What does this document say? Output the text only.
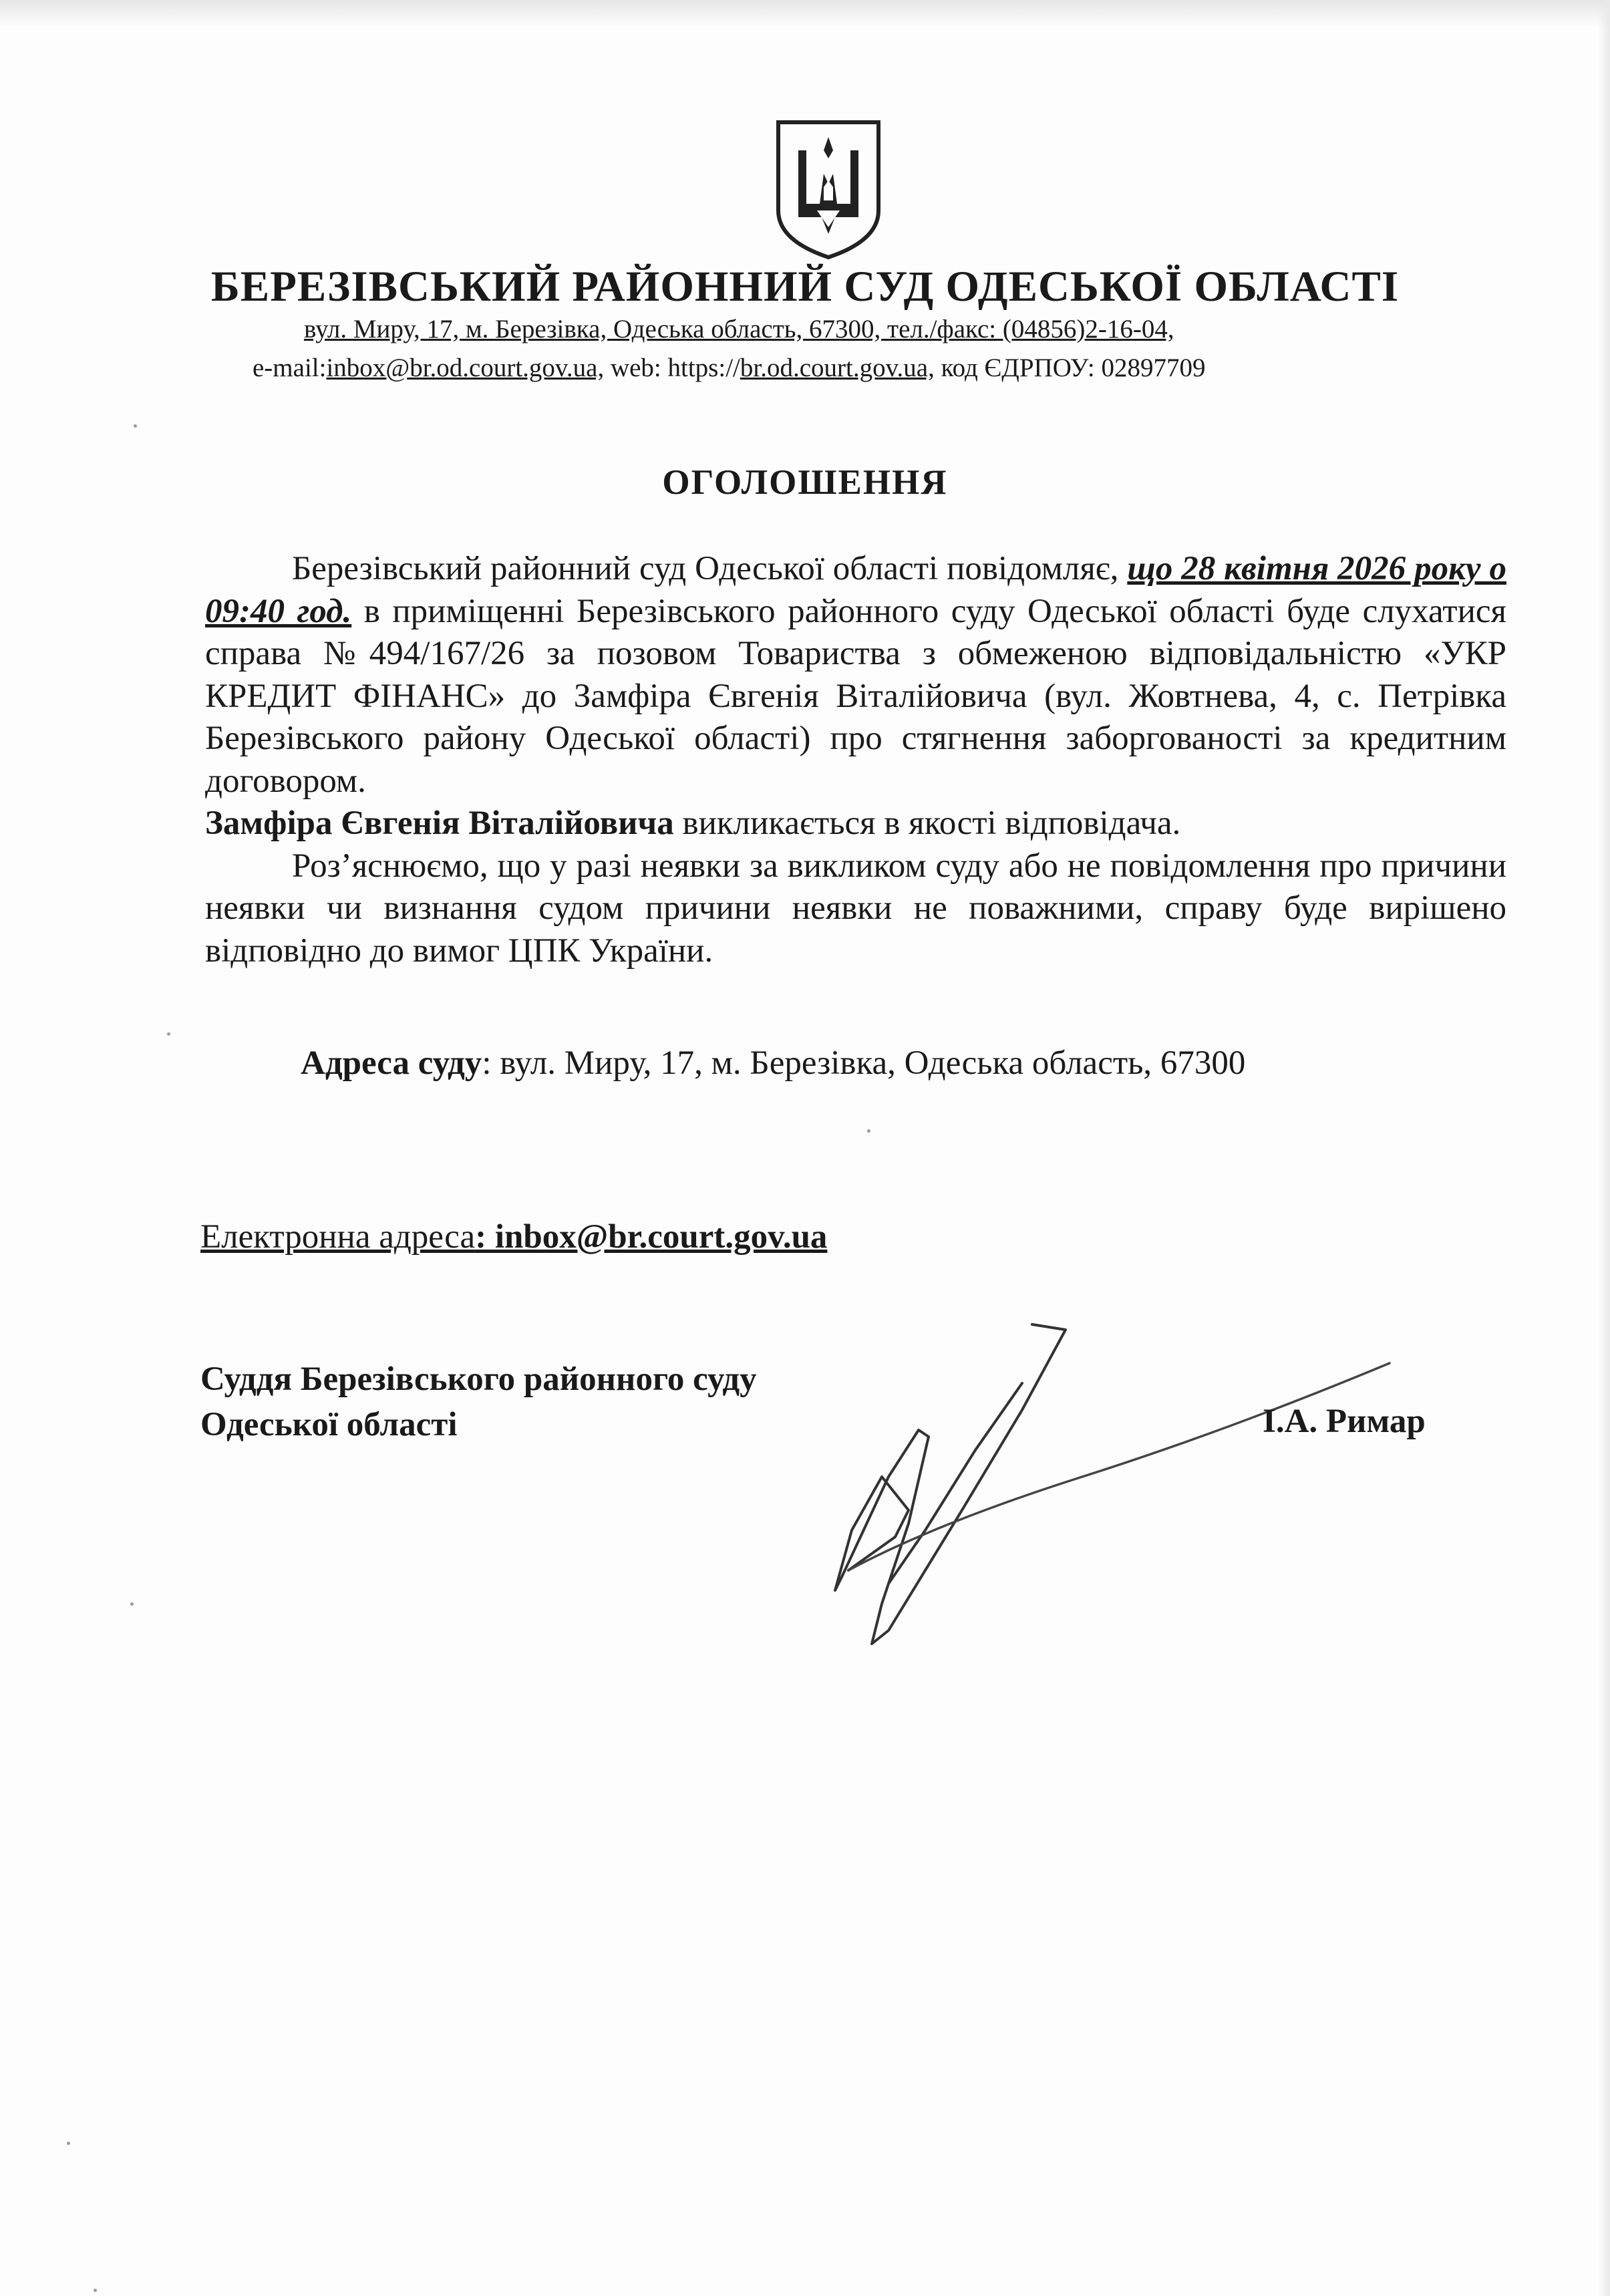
БЕРЕЗІВСЬКИЙ РАЙОННИЙ СУД ОДЕСЬКОЇ ОБЛАСТІ
вул. Миру, 17, м. Березівка, Одеська область, 67300, тел./факс: (04856)2-16-04,
e-mail:inbox@br.od.court.gov.ua, web: https://br.od.court.gov.ua, код ЄДРПОУ: 02897709
ОГОЛОШЕННЯ

Березівський районний суд Одеської області повідомляє, що 28 квітня 2026 року о 09:40 год. в приміщенні Березівського районного суду Одеської області буде слухатися справа №494/167/26 за позовом Товариства з обмеженою відповідальністю «УКР КРЕДИТ ФІНАНС» до Замфіра Євгенія Віталійовича (вул. Жовтнева, 4, с. Петрівка Березівського району Одеської області) про стягнення заборгованості за кредитним договором.

Замфіра Євгенія Віталійовича викликається в якості відповідача.

Роз’яснюємо, що у разі неявки за викликом суду або не повідомлення про причини неявки чи визнання судом причини неявки не поважними, справу буде вирішено відповідно до вимог ЦПК України.

Адреса суду: вул. Миру, 17, м. Березівка, Одеська область, 67300
Електронна адреса: inbox@br.court.gov.ua
Суддя Березівського районного суду
Одеської області	І.А. Римар
